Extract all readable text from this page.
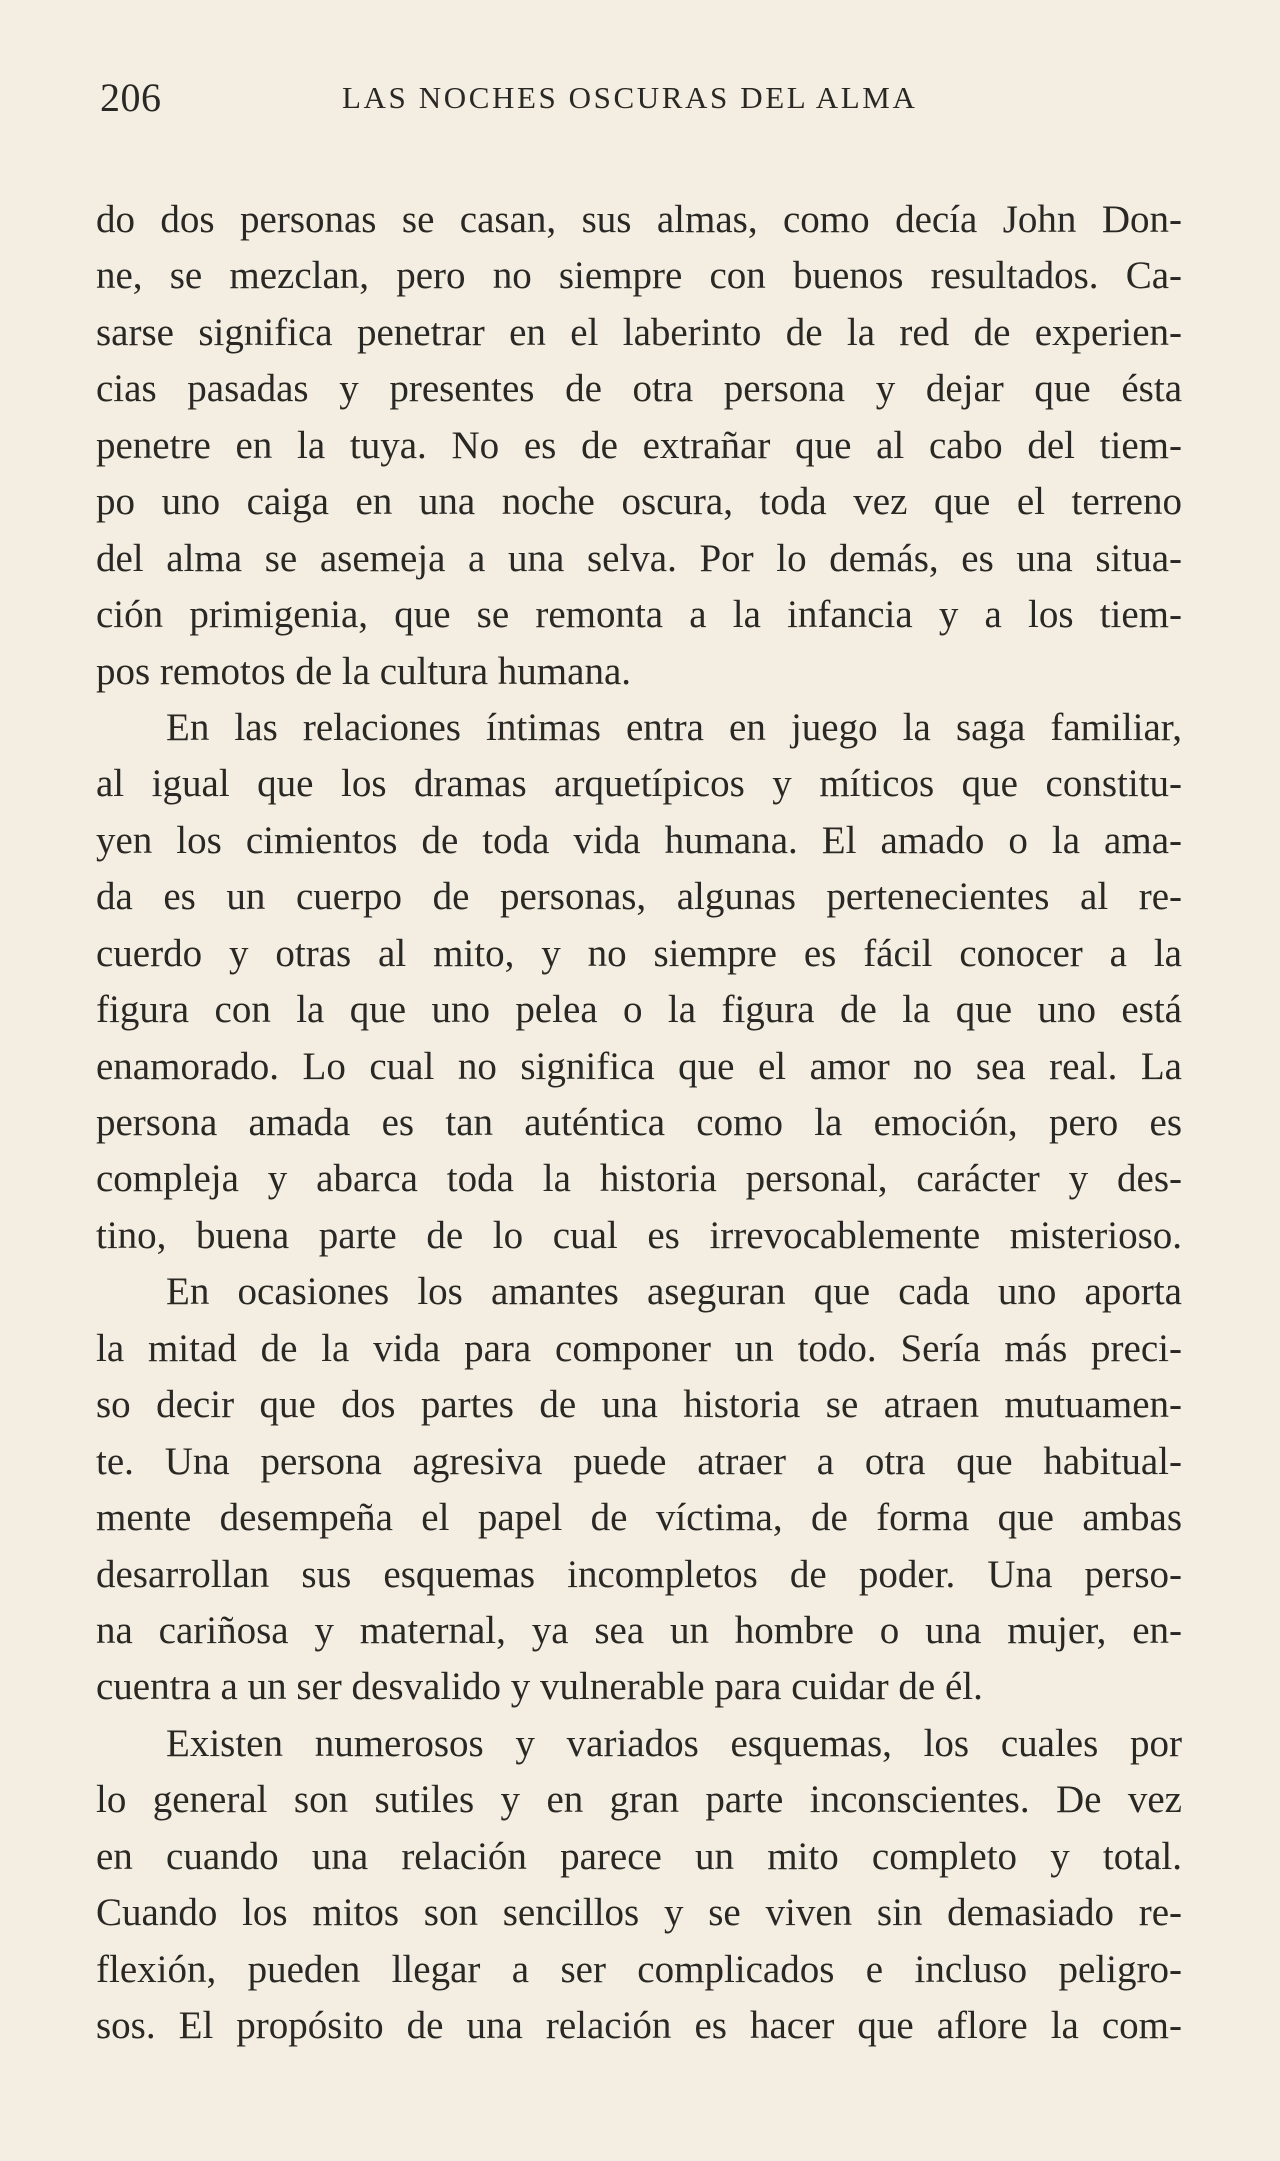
206	LAS NOCHES OSCURAS DEL ALMA
do dos personas se casan, sus almas, como decía John Don-
ne, se mezclan, pero no siempre con buenos resultados. Ca-
sarse significa penetrar en el laberinto de la red de experien-
cias pasadas y presentes de otra persona y dejar que ésta
penetre en la tuya. No es de extrañar que al cabo del tiem-
po uno caiga en una noche oscura, toda vez que el terreno
del alma se asemeja a una selva. Por lo demás, es una situa-
ción primigenia, que se remonta a la infancia y a los tiem-
pos remotos de la cultura humana.
En las relaciones íntimas entra en juego la saga familiar,
al igual que los dramas arquetípicos y míticos que constitu-
yen los cimientos de toda vida humana. El amado o la ama-
da es un cuerpo de personas, algunas pertenecientes al re-
cuerdo y otras al mito, y no siempre es fácil conocer a la
figura con la que uno pelea o la figura de la que uno está
enamorado. Lo cual no significa que el amor no sea real. La
persona amada es tan auténtica como la emoción, pero es
compleja y abarca toda la historia personal, carácter y des-
tino, buena parte de lo cual es irrevocablemente misterioso.
En ocasiones los amantes aseguran que cada uno aporta
la mitad de la vida para componer un todo. Sería más preci-
so decir que dos partes de una historia se atraen mutuamen-
te. Una persona agresiva puede atraer a otra que habitual-
mente desempeña el papel de víctima, de forma que ambas
desarrollan sus esquemas incompletos de poder. Una perso-
na cariñosa y maternal, ya sea un hombre o una mujer, en-
cuentra a un ser desvalido y vulnerable para cuidar de él.
Existen numerosos y variados esquemas, los cuales por
lo general son sutiles y en gran parte inconscientes. De vez
en cuando una relación parece un mito completo y total.
Cuando los mitos son sencillos y se viven sin demasiado re-
flexión, pueden llegar a ser complicados e incluso peligro-
sos. El propósito de una relación es hacer que aflore la com-
